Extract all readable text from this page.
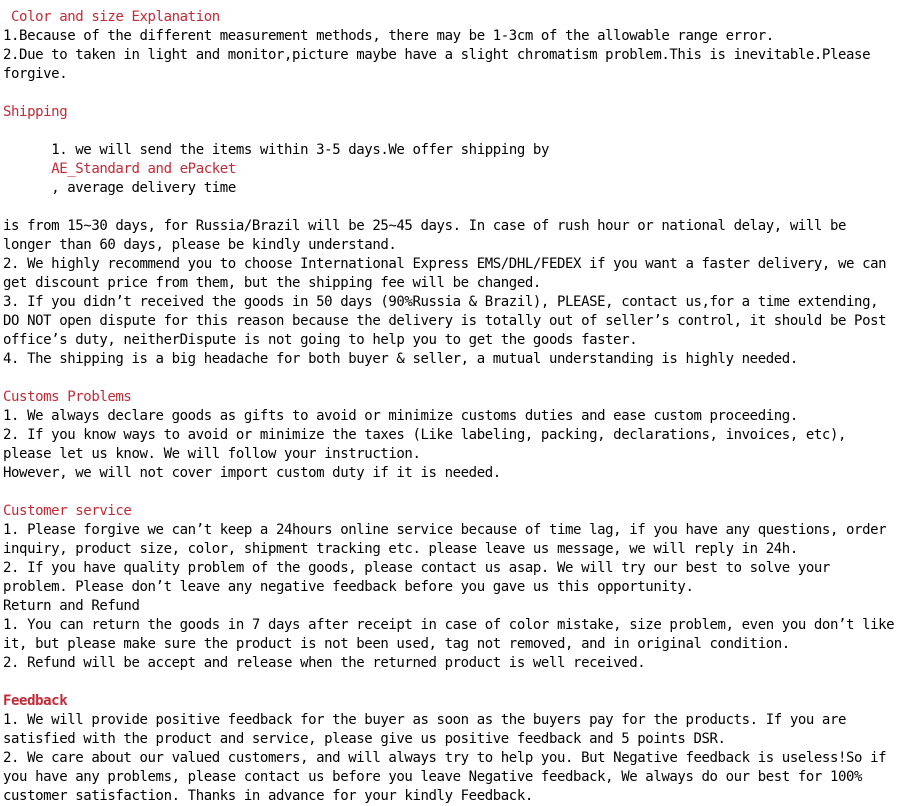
Color and size Explanation
1.Because of the different measurement methods, there may be 1-3cm of the allowable range error.
2.Due to taken in light and monitor,picture maybe have a slight chromatism problem.This is inevitable.Please
forgive.
Shipping

1. we will send the items within 3-5 days.We offer shipping by
AE_Standard and ePacket
, average delivery time

is from 15~30 days, for Russia/Brazil will be 25~45 days. In case of rush hour or national delay, will be
longer than 60 days, please be kindly understand.
2. We highly recommend you to choose International Express EMS/DHL/FEDEX if you want a faster delivery, we can
get discount price from them, but the shipping fee will be changed.
3. If you didn’t received the goods in 50 days (90%Russia & Brazil), PLEASE, contact us,for a time extending,
DO NOT open dispute for this reason because the delivery is totally out of seller’s control, it should be Post
office’s duty, neitherDispute is not going to help you to get the goods faster.
4. The shipping is a big headache for both buyer & seller, a mutual understanding is highly needed.
Customs Problems
1. We always declare goods as gifts to avoid or minimize customs duties and ease custom proceeding.
2. If you know ways to avoid or minimize the taxes (Like labeling, packing, declarations, invoices, etc),
please let us know. We will follow your instruction.
However, we will not cover import custom duty if it is needed.
Customer service
1. Please forgive we can’t keep a 24hours online service because of time lag, if you have any questions, order
inquiry, product size, color, shipment tracking etc. please leave us message, we will reply in 24h.
2. If you have quality problem of the goods, please contact us asap. We will try our best to solve your
problem. Please don’t leave any negative feedback before you gave us this opportunity.
Return and Refund
1. You can return the goods in 7 days after receipt in case of color mistake, size problem, even you don’t like
it, but please make sure the product is not been used, tag not removed, and in original condition.
2. Refund will be accept and release when the returned product is well received.
Feedback
1. We will provide positive feedback for the buyer as soon as the buyers pay for the products. If you are
satisfied with the product and service, please give us positive feedback and 5 points DSR.
2. We care about our valued customers, and will always try to help you. But Negative feedback is useless!So if
you have any problems, please contact us before you leave Negative feedback, We always do our best for 100%
customer satisfaction. Thanks in advance for your kindly Feedback.
